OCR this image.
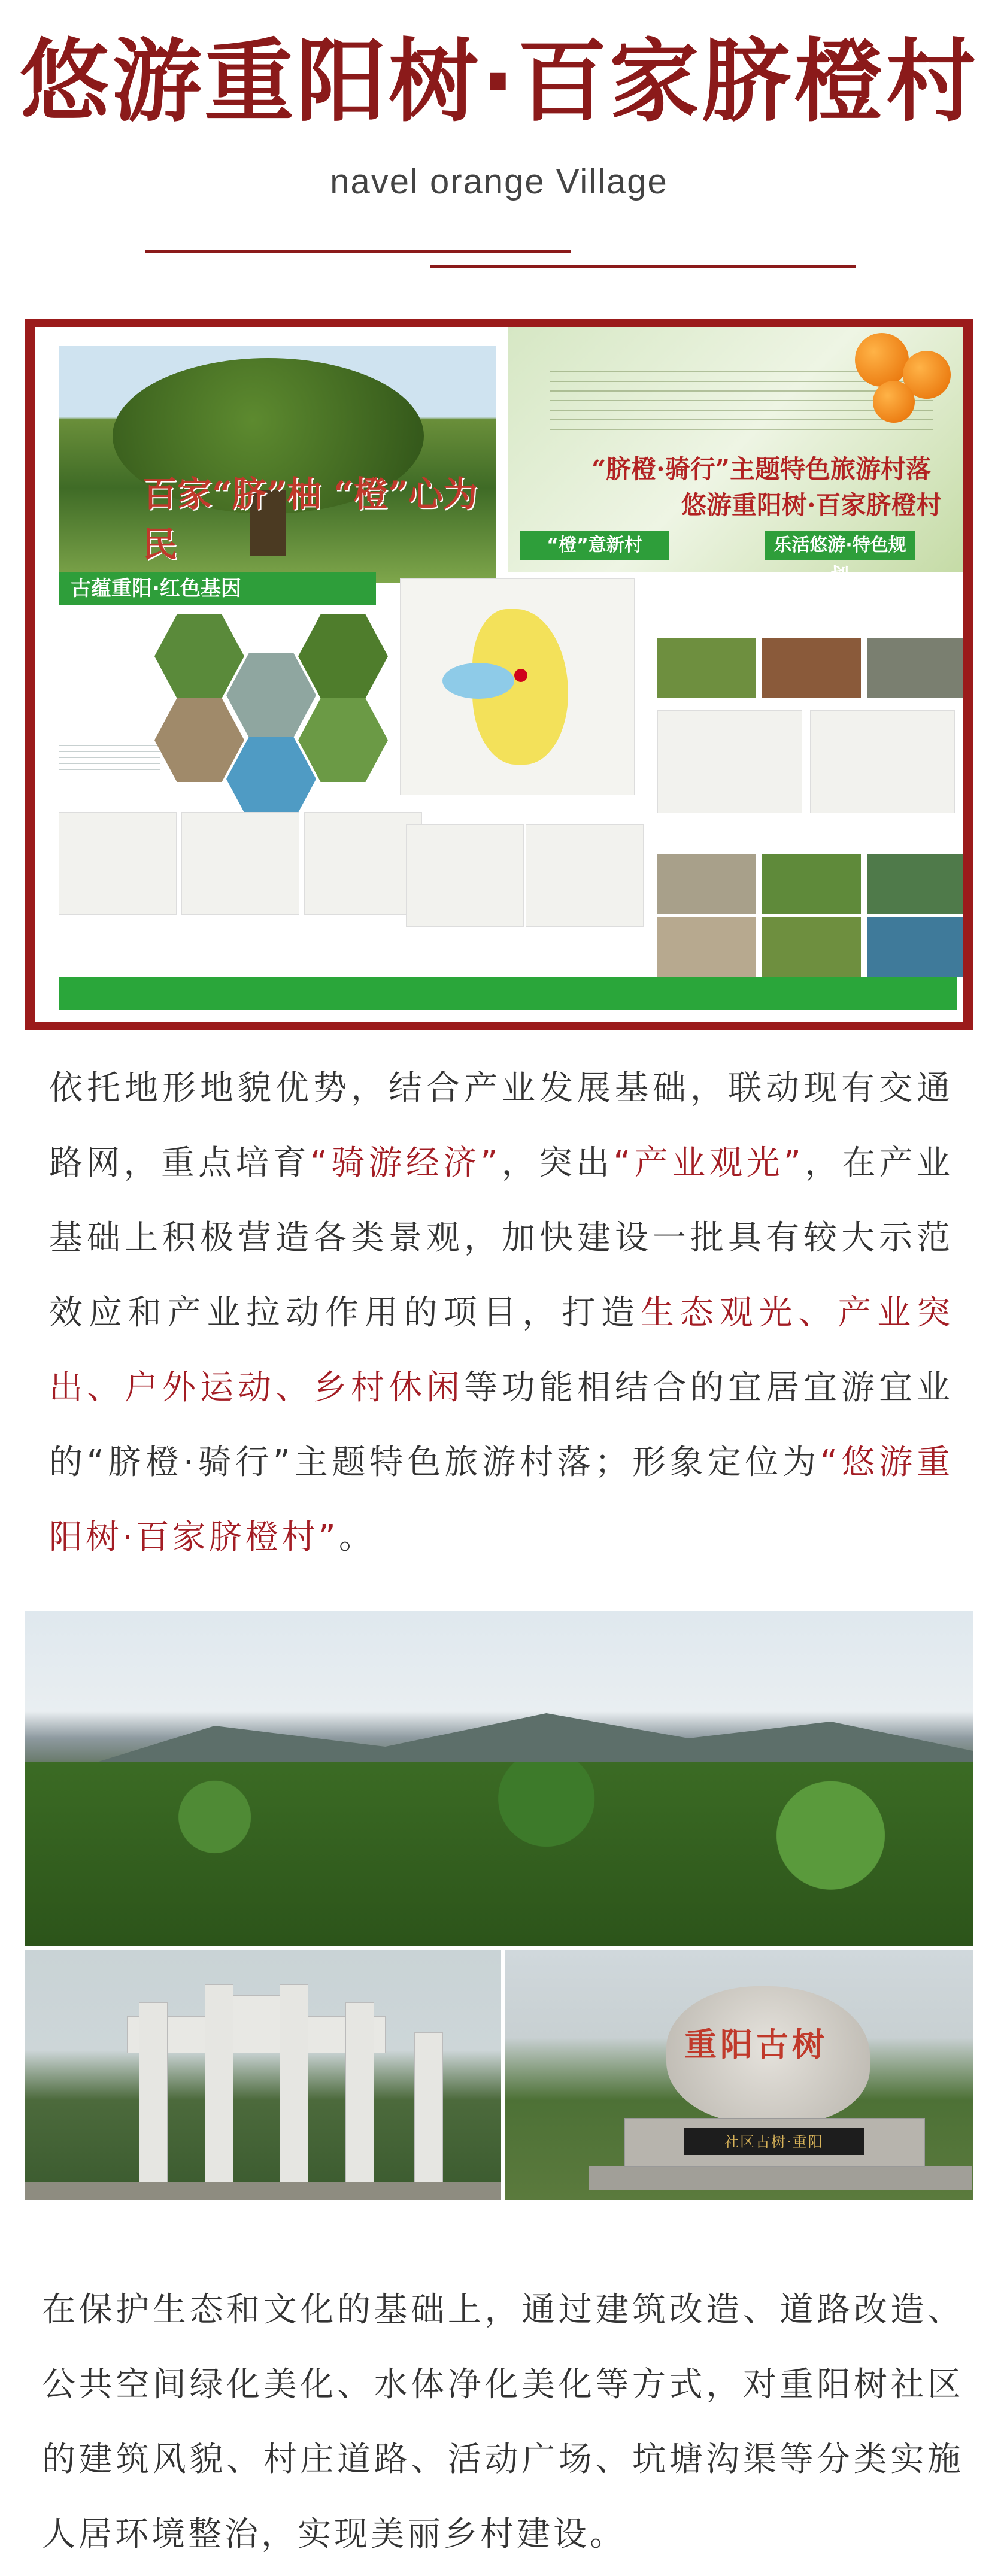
悠游重阳树·百家脐橙村
navel orange Village
百家“脐”柚 “橙”心为民
“脐橙·骑行”主题特色旅游村落
悠游重阳树·百家脐橙村
“橙”意新村	乐活悠游·特色规划
古蕴重阳·红色基因

依托地形地貌优势，结合产业发展基础，联动现有交通路网，重点培育“骑游经济”，突出“产业观光”，在产业基础上积极营造各类景观，加快建设一批具有较大示范效应和产业拉动作用的项目，打造生态观光、产业突出、户外运动、乡村休闲等功能相结合的宜居宜游宜业的“脐橙·骑行”主题特色旅游村落；形象定位为“悠游重阳树·百家脐橙村”。

重阳古树
社区古树·重阳

在保护生态和文化的基础上，通过建筑改造、道路改造、公共空间绿化美化、水体净化美化等方式，对重阳树社区的建筑风貌、村庄道路、活动广场、坑塘沟渠等分类实施人居环境整治，实现美丽乡村建设。
